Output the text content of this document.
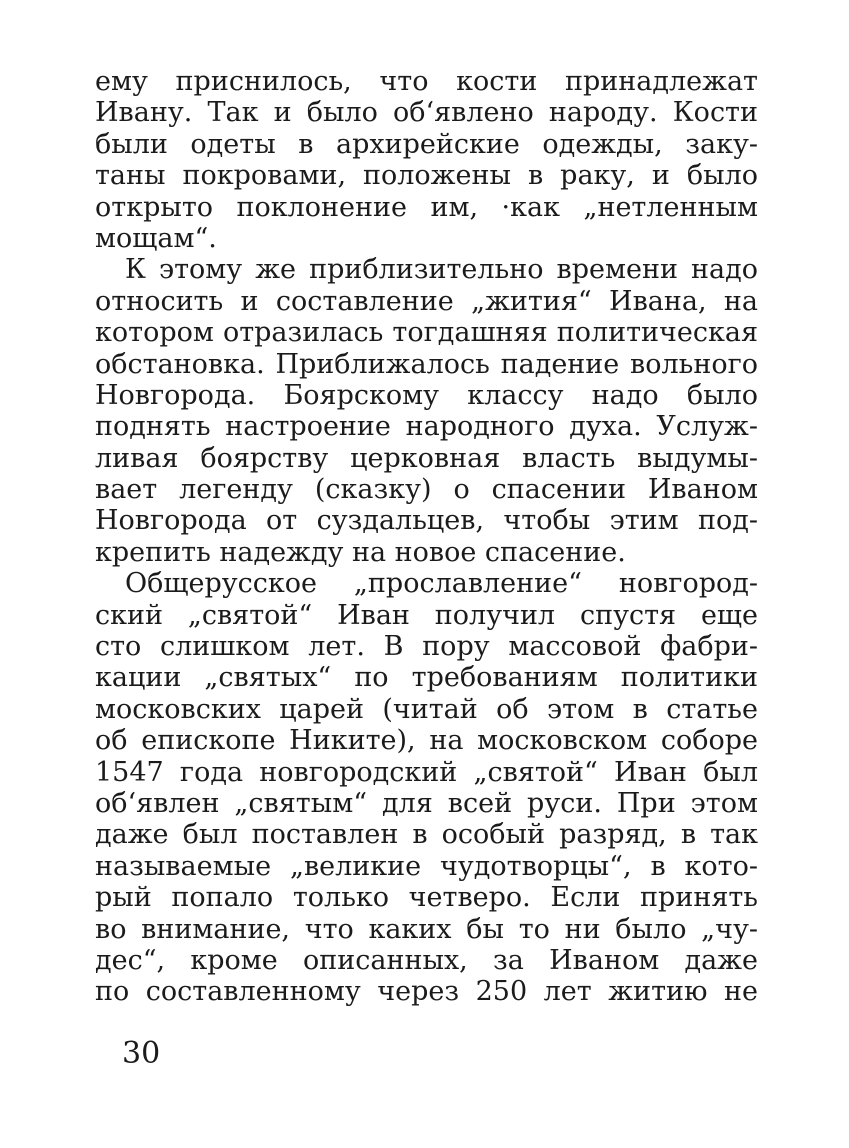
ему приснилось, что кости принадлежат
Ивану. Так и было об‘явлено народу. Кости
были одеты в архирейские одежды, заку-
таны покровами, положены в раку, и было
открыто поклонение им, ·как „нетленным
мощам“.
К этому же приблизительно времени надо
относить и составление „жития“ Ивана, на
котором отразилась тогдашняя политическая
обстановка. Приближалось падение вольного
Новгорода. Боярскому классу надо было
поднять настроение народного духа. Услуж-
ливая боярству церковная власть выдумы-
вает легенду (сказку) о спасении Иваном
Новгорода от суздальцев, чтобы этим под-
крепить надежду на новое спасение.
Общерусское „прославление“ новгород-
ский „святой“ Иван получил спустя еще
сто слишком лет. В пору массовой фабри-
кации „святых“ по требованиям политики
московских царей (читай об этом в статье
об епископе Никите), на московском соборе
1547 года новгородский „святой“ Иван был
об‘явлен „святым“ для всей руси. При этом
даже был поставлен в особый разряд, в так
называемые „великие чудотворцы“, в кото-
рый попало только четверо. Если принять
во внимание, что каких бы то ни было „чу-
дес“, кроме описанных, за Иваном даже
по составленному через 250 лет житию не
30
